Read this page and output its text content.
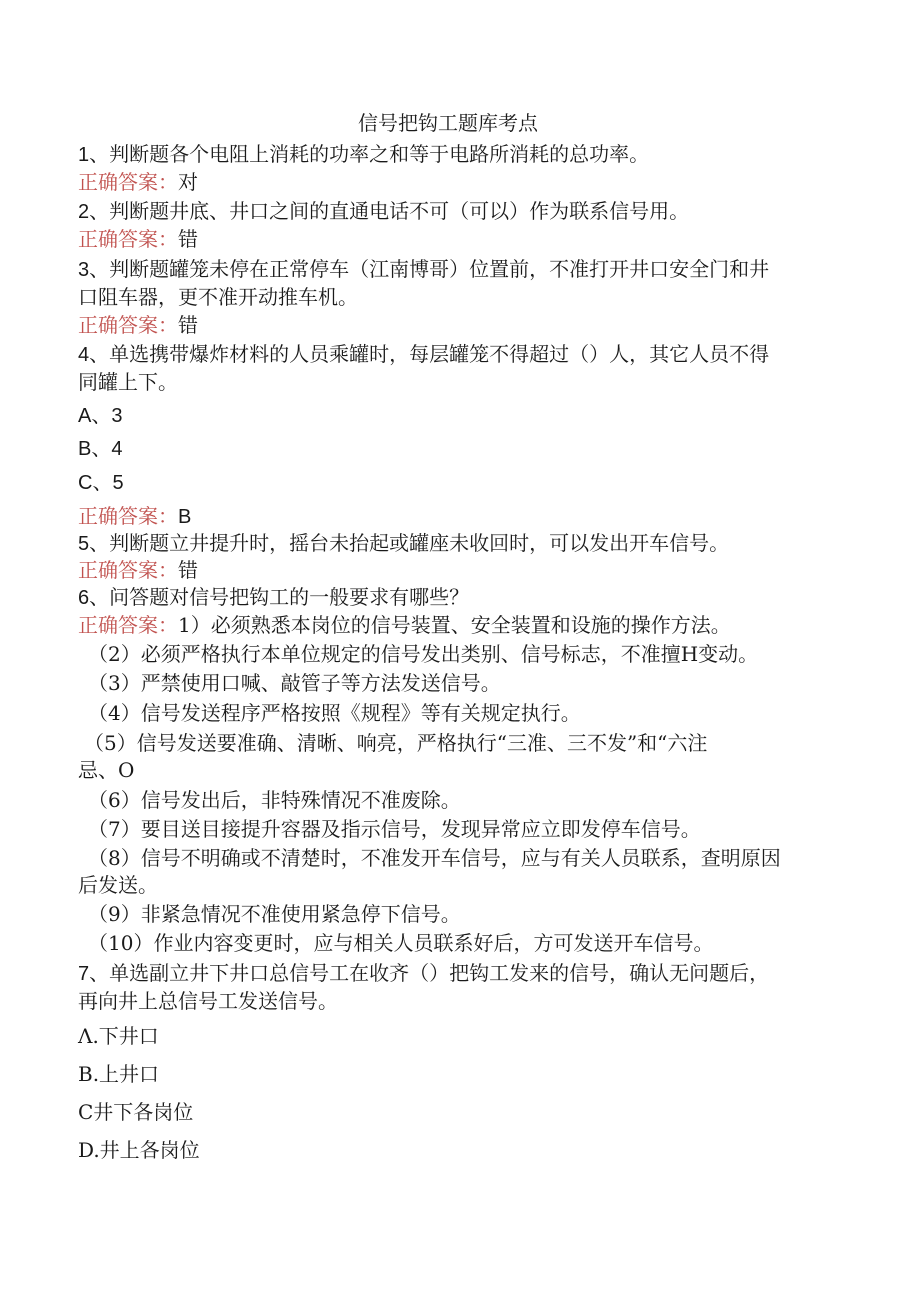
信号把钩工题库考点
1、判断题各个电阻上消耗的功率之和等于电路所消耗的总功率。
正确答案：对
2、判断题井底、井口之间的直通电话不可（可以）作为联系信号用。
正确答案：错
3、判断题罐笼未停在正常停车（江南博哥）位置前，不准打开井口安全门和井
口阻车器，更不准开动推车机。
正确答案：错
4、单选携带爆炸材料的人员乘罐时，每层罐笼不得超过（）人，其它人员不得
同罐上下。
A、3
B、4
C、5
正确答案：B
5、判断题立井提升时，摇台未抬起或罐座未收回时，可以发出开车信号。
正确答案：错
6、问答题对信号把钩工的一般要求有哪些？
正确答案：1）必须熟悉本岗位的信号装置、安全装置和设施的操作方法。
（2）必须严格执行本单位规定的信号发出类别、信号标志，不准擅H变动。
（3）严禁使用口喊、敲管子等方法发送信号。
（4）信号发送程序严格按照《规程》等有关规定执行。
（5）信号发送要准确、清晰、响亮，严格执行“三准、三不发”和“六注
忌、O
（6）信号发出后，非特殊情况不准废除。
（7）要目送目接提升容器及指示信号，发现异常应立即发停车信号。
（8）信号不明确或不清楚时，不准发开车信号，应与有关人员联系，查明原因
后发送。
（9）非紧急情况不准使用紧急停下信号。
（10）作业内容变更时，应与相关人员联系好后，方可发送开车信号。
7、单选副立井下井口总信号工在收齐（）把钩工发来的信号，确认无问题后，
再向井上总信号工发送信号。
Λ.下井口
B.上井口
C井下各岗位
D.井上各岗位
